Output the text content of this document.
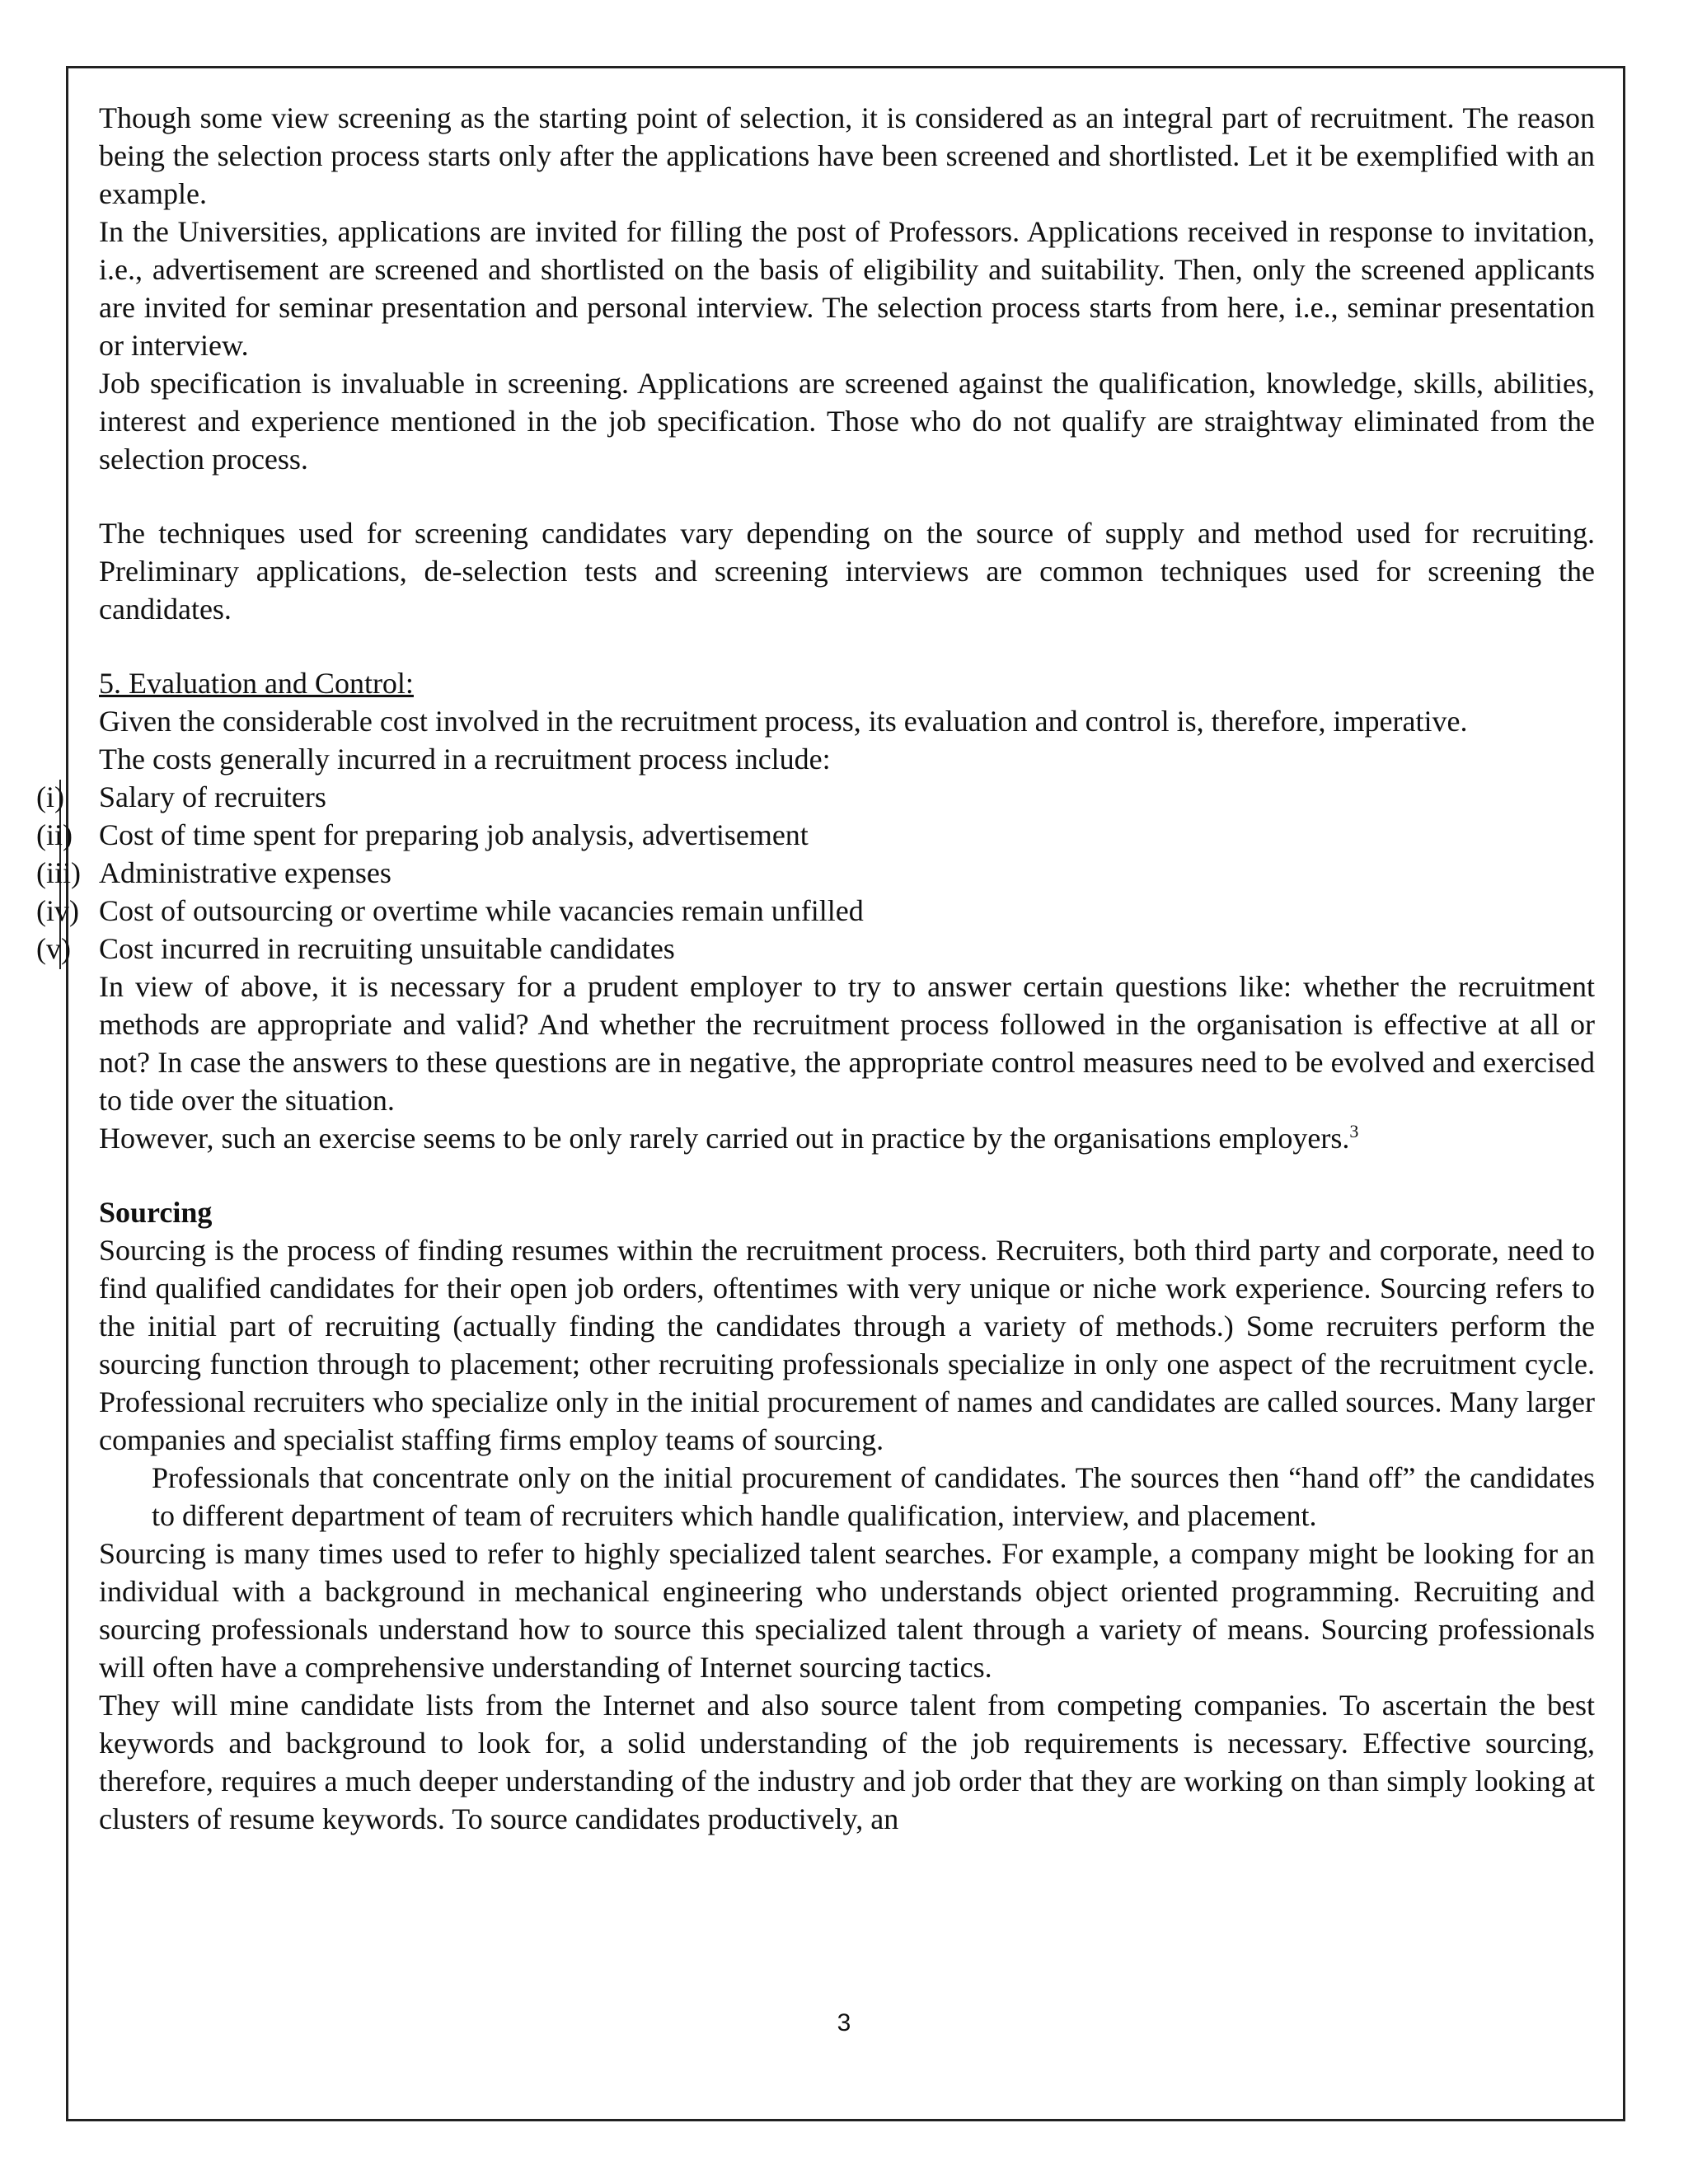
Though some view screening as the starting point of selection, it is considered as an integral part of recruitment. The reason being the selection process starts only after the applications have been screened and shortlisted. Let it be exemplified with an example.

In the Universities, applications are invited for filling the post of Professors. Applications received in response to invitation, i.e., advertisement are screened and shortlisted on the basis of eligibility and suitability. Then, only the screened applicants are invited for seminar presentation and personal interview. The selection process starts from here, i.e., seminar presentation or interview.

Job specification is invaluable in screening. Applications are screened against the qualification, knowledge, skills, abilities, interest and experience mentioned in the job specification. Those who do not qualify are straightway eliminated from the selection process.

The techniques used for screening candidates vary depending on the source of supply and method used for recruiting. Preliminary applications, de-selection tests and screening interviews are common techniques used for screening the candidates.

5. Evaluation and Control:

Given the considerable cost involved in the recruitment process, its evaluation and control is, therefore, imperative.

The costs generally incurred in a recruitment process include:

(i) Salary of recruiters
(ii) Cost of time spent for preparing job analysis, advertisement
(iii) Administrative expenses
(iv) Cost of outsourcing or overtime while vacancies remain unfilled
(v) Cost incurred in recruiting unsuitable candidates

In view of above, it is necessary for a prudent employer to try to answer certain questions like: whether the recruitment methods are appropriate and valid? And whether the recruitment process followed in the organisation is effective at all or not? In case the answers to these questions are in negative, the appropriate control measures need to be evolved and exercised to tide over the situation.

However, such an exercise seems to be only rarely carried out in practice by the organisations employers.$^3$

Sourcing

Sourcing is the process of finding resumes within the recruitment process. Recruiters, both third party and corporate, need to find qualified candidates for their open job orders, oftentimes with very unique or niche work experience. Sourcing refers to the initial part of recruiting (actually finding the candidates through a variety of methods.) Some recruiters perform the sourcing function through to placement; other recruiting professionals specialize in only one aspect of the recruitment cycle. Professional recruiters who specialize only in the initial procurement of names and candidates are called sources. Many larger companies and specialist staffing firms employ teams of sourcing.

Professionals that concentrate only on the initial procurement of candidates. The sources then “hand off” the candidates to different department of team of recruiters which handle qualification, interview, and placement.

Sourcing is many times used to refer to highly specialized talent searches. For example, a company might be looking for an individual with a background in mechanical engineering who understands object oriented programming. Recruiting and sourcing professionals understand how to source this specialized talent through a variety of means. Sourcing professionals will often have a comprehensive understanding of Internet sourcing tactics.

They will mine candidate lists from the Internet and also source talent from competing companies. To ascertain the best keywords and background to look for, a solid understanding of the job requirements is necessary. Effective sourcing, therefore, requires a much deeper understanding of the industry and job order that they are working on than simply looking at clusters of resume keywords. To source candidates productively, an

3
